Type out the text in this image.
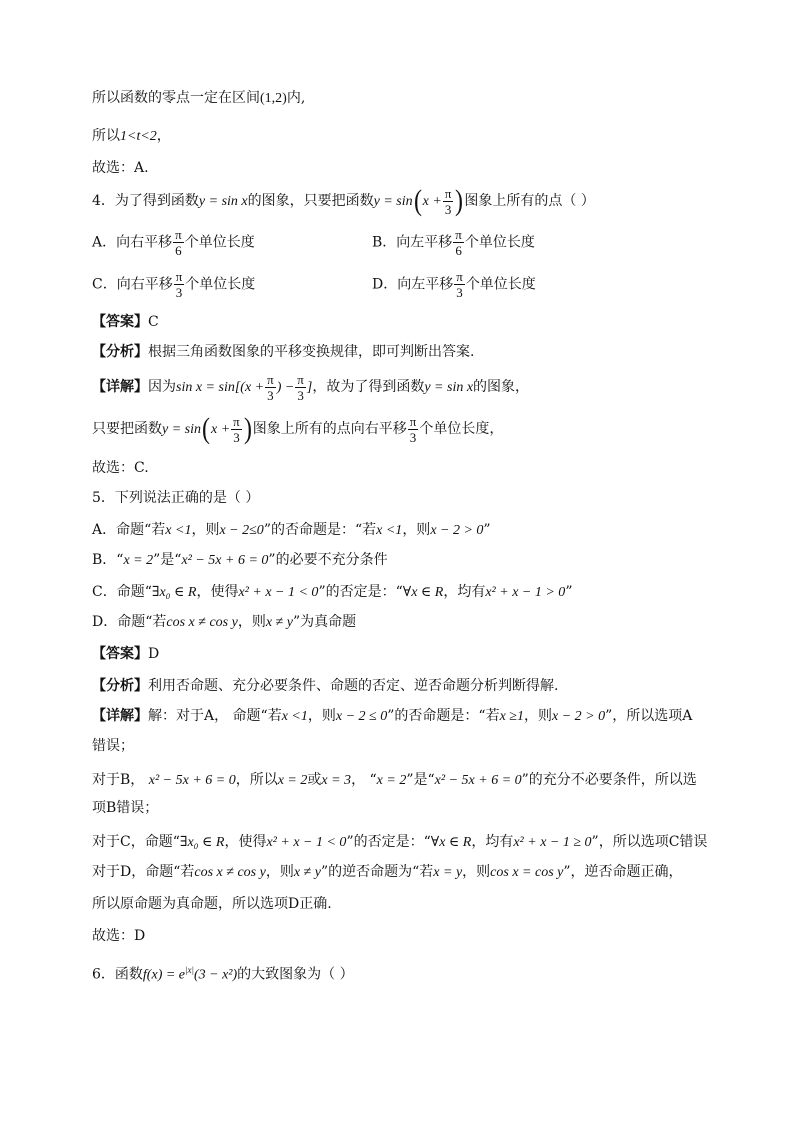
所以函数的零点一定在区间(1,2)内,
所以1<t<2，
故选：A.
4．为了得到函数y = sin x的图象，只要把函数$y = \sin(x + \frac{\pi}{3}$ )图象上所有的点（ ）
A．向右平移 $\frac{\pi}{6}$ 个单位长度	B．向左平移 $\frac{\pi}{6}$ 个单位长度
C．向右平移 $\frac{\pi}{3}$ 个单位长度	D．向左平移 $\frac{\pi}{3}$ 个单位长度
【答案】C
【分析】根据三角函数图象的平移变换规律，即可判断出答案.
【详解】因为$\sin x = \sin[(x + \frac{\pi}{3}$ ) − $\frac{\pi}{3}$ ]，故为了得到函数y = sin x的图象，
只要把函数$y = \sin(x + \frac{\pi}{3}$ )图象上所有的点向右平移 $\frac{\pi}{3}$ 个单位长度，
故选：C.
5．下列说法正确的是（ ）
A．命题“若x <1，则x − 2≤0”的否命题是：“若x <1，则x − 2 > 0”
B．“x = 2”是“x² − 5x + 6 = 0”的必要不充分条件
C．命题“∃x₀ ∈ R，使得x² + x − 1 < 0”的否定是：“∀x ∈ R，均有x² + x − 1 > 0”
D．命题“若cos x ≠ cos y，则x ≠ y”为真命题
【答案】D
【分析】利用否命题、充分必要条件、命题的否定、逆否命题分析判断得解.
【详解】解：对于A， 命题“若x <1，则x − 2 ≤ 0”的否命题是：“若x ≥1，则x − 2 > 0”，所以选项A
错误；
对于B， x² − 5x + 6 = 0，所以x = 2或x = 3， “x = 2”是“x² − 5x + 6 = 0”的充分不必要条件，所以选
项B错误；
对于C，命题“∃x₀ ∈ R，使得x² + x − 1 < 0”的否定是：“∀x ∈ R，均有x² + x − 1 ≥ 0”，所以选项C错误
对于D，命题“若cos x ≠ cos y，则x ≠ y”的逆否命题为“若x = y，则cos x = cos y”，逆否命题正确，
所以原命题为真命题，所以选项D正确.
故选：D
6．函数$f(x) = e^{|x|}(3 - x^2)$的大致图象为（ ）
